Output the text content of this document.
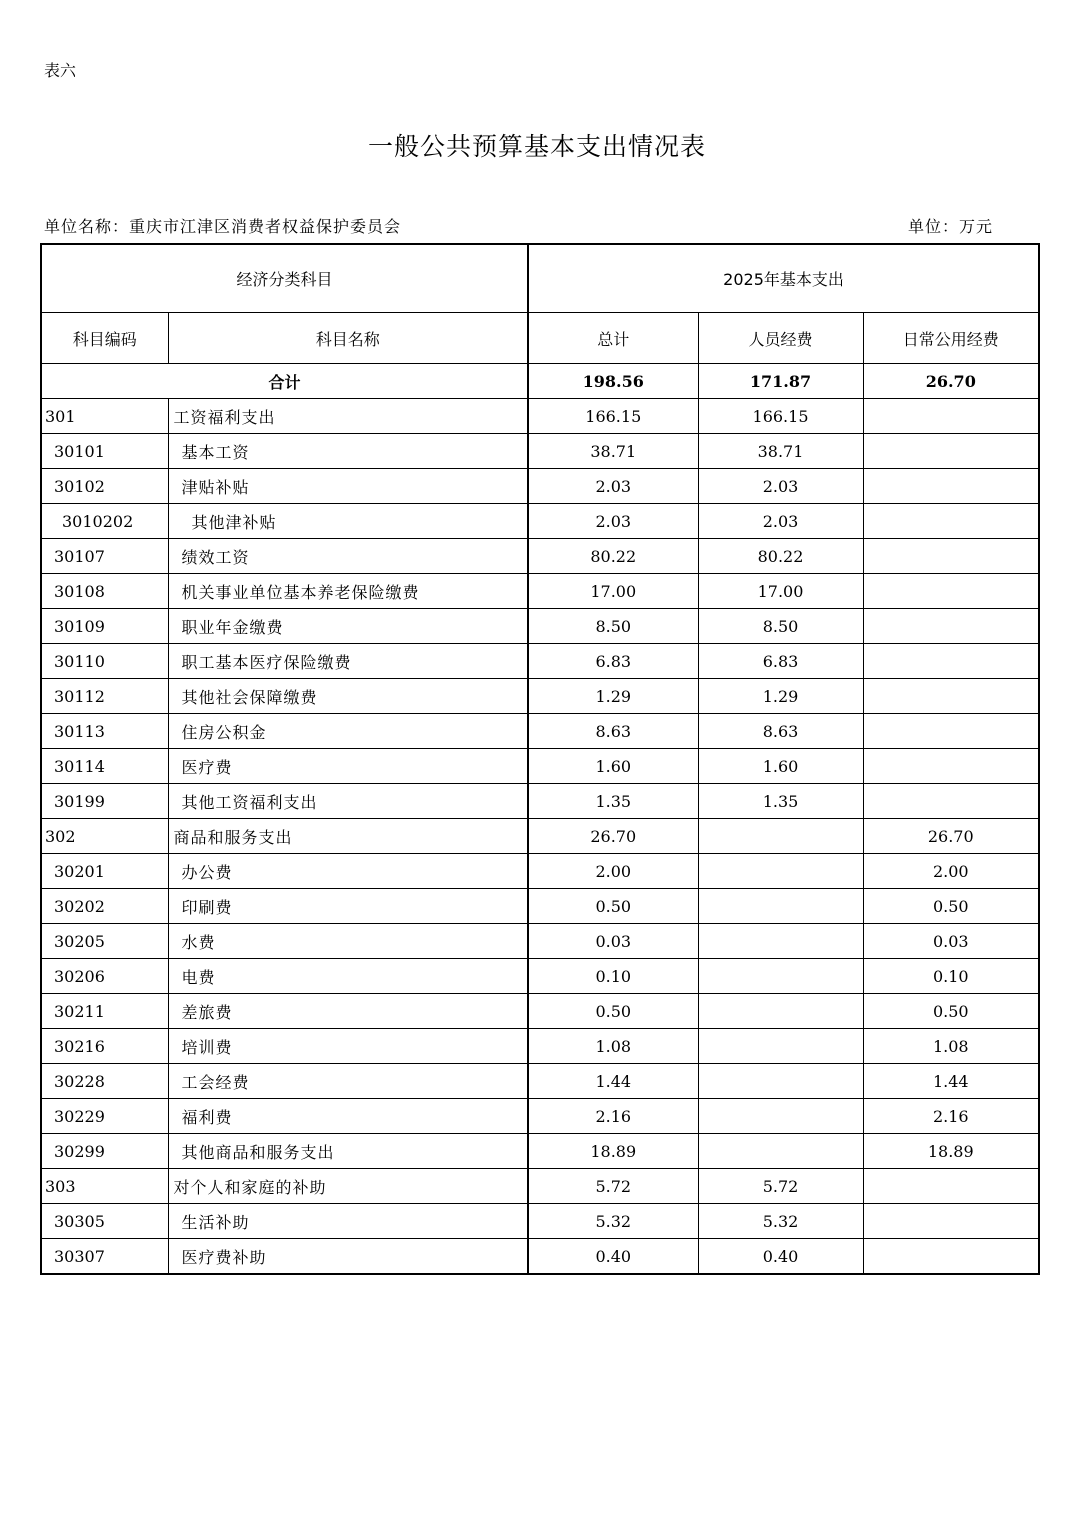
表六
一般公共预算基本支出情况表
单位名称：重庆市江津区消费者权益保护委员会	单位：万元
经济分类科目		2025年基本支出		
科目编码	科目名称	总计	人员经费	日常公用经费
合计		198.56	171.87	26.70
301	工资福利支出	166.15	166.15	
30101	基本工资	38.71	38.71	
30102	津贴补贴	2.03	2.03	
3010202	其他津补贴	2.03	2.03	
30107	绩效工资	80.22	80.22	
30108	机关事业单位基本养老保险缴费	17.00	17.00	
30109	职业年金缴费	8.50	8.50	
30110	职工基本医疗保险缴费	6.83	6.83	
30112	其他社会保障缴费	1.29	1.29	
30113	住房公积金	8.63	8.63	
30114	医疗费	1.60	1.60	
30199	其他工资福利支出	1.35	1.35	
302	商品和服务支出	26.70		26.70
30201	办公费	2.00		2.00
30202	印刷费	0.50		0.50
30205	水费	0.03		0.03
30206	电费	0.10		0.10
30211	差旅费	0.50		0.50
30216	培训费	1.08		1.08
30228	工会经费	1.44		1.44
30229	福利费	2.16		2.16
30299	其他商品和服务支出	18.89		18.89
303	对个人和家庭的补助	5.72	5.72	
30305	生活补助	5.32	5.32	
30307	医疗费补助	0.40	0.40	
